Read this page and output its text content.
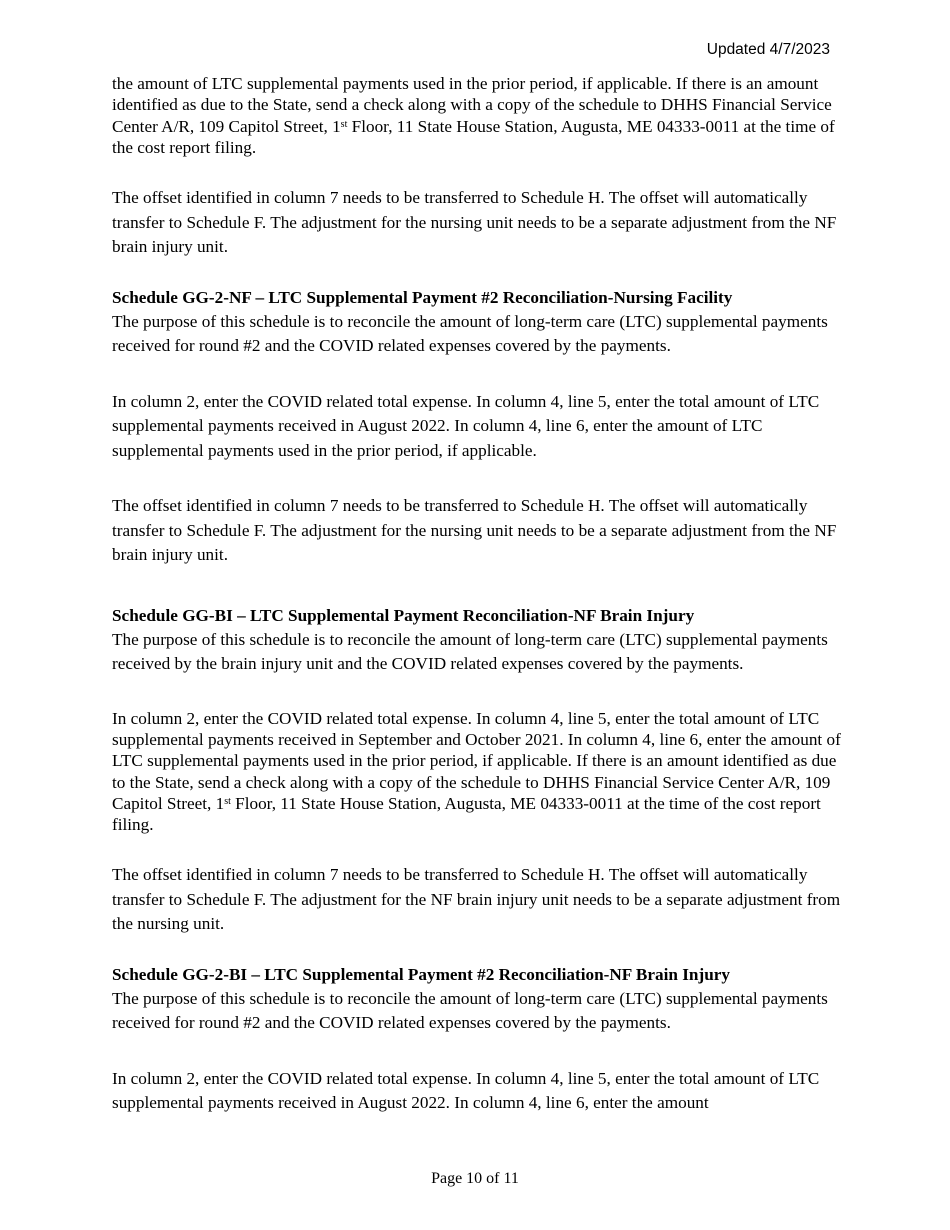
Updated 4/7/2023

the amount of LTC supplemental payments used in the prior period, if applicable. If there is an amount identified as due to the State, send a check along with a copy of the schedule to DHHS Financial Service Center A/R, 109 Capitol Street, 1st Floor, 11 State House Station, Augusta, ME 04333-0011 at the time of the cost report filing.

The offset identified in column 7 needs to be transferred to Schedule H. The offset will automatically transfer to Schedule F. The adjustment for the nursing unit needs to be a separate adjustment from the NF brain injury unit.

Schedule GG-2-NF – LTC Supplemental Payment #2 Reconciliation-Nursing Facility

The purpose of this schedule is to reconcile the amount of long-term care (LTC) supplemental payments received for round #2 and the COVID related expenses covered by the payments.

In column 2, enter the COVID related total expense. In column 4, line 5, enter the total amount of LTC supplemental payments received in August 2022. In column 4, line 6, enter the amount of LTC supplemental payments used in the prior period, if applicable.

The offset identified in column 7 needs to be transferred to Schedule H. The offset will automatically transfer to Schedule F. The adjustment for the nursing unit needs to be a separate adjustment from the NF brain injury unit.

Schedule GG-BI – LTC Supplemental Payment Reconciliation-NF Brain Injury

The purpose of this schedule is to reconcile the amount of long-term care (LTC) supplemental payments received by the brain injury unit and the COVID related expenses covered by the payments.

In column 2, enter the COVID related total expense. In column 4, line 5, enter the total amount of LTC supplemental payments received in September and October 2021. In column 4, line 6, enter the amount of LTC supplemental payments used in the prior period, if applicable. If there is an amount identified as due to the State, send a check along with a copy of the schedule to DHHS Financial Service Center A/R, 109 Capitol Street, 1st Floor, 11 State House Station, Augusta, ME 04333-0011 at the time of the cost report filing.

The offset identified in column 7 needs to be transferred to Schedule H. The offset will automatically transfer to Schedule F. The adjustment for the NF brain injury unit needs to be a separate adjustment from the nursing unit.

Schedule GG-2-BI – LTC Supplemental Payment #2 Reconciliation-NF Brain Injury

The purpose of this schedule is to reconcile the amount of long-term care (LTC) supplemental payments received for round #2 and the COVID related expenses covered by the payments.

In column 2, enter the COVID related total expense. In column 4, line 5, enter the total amount of LTC supplemental payments received in August 2022. In column 4, line 6, enter the amount

Page 10 of 11
